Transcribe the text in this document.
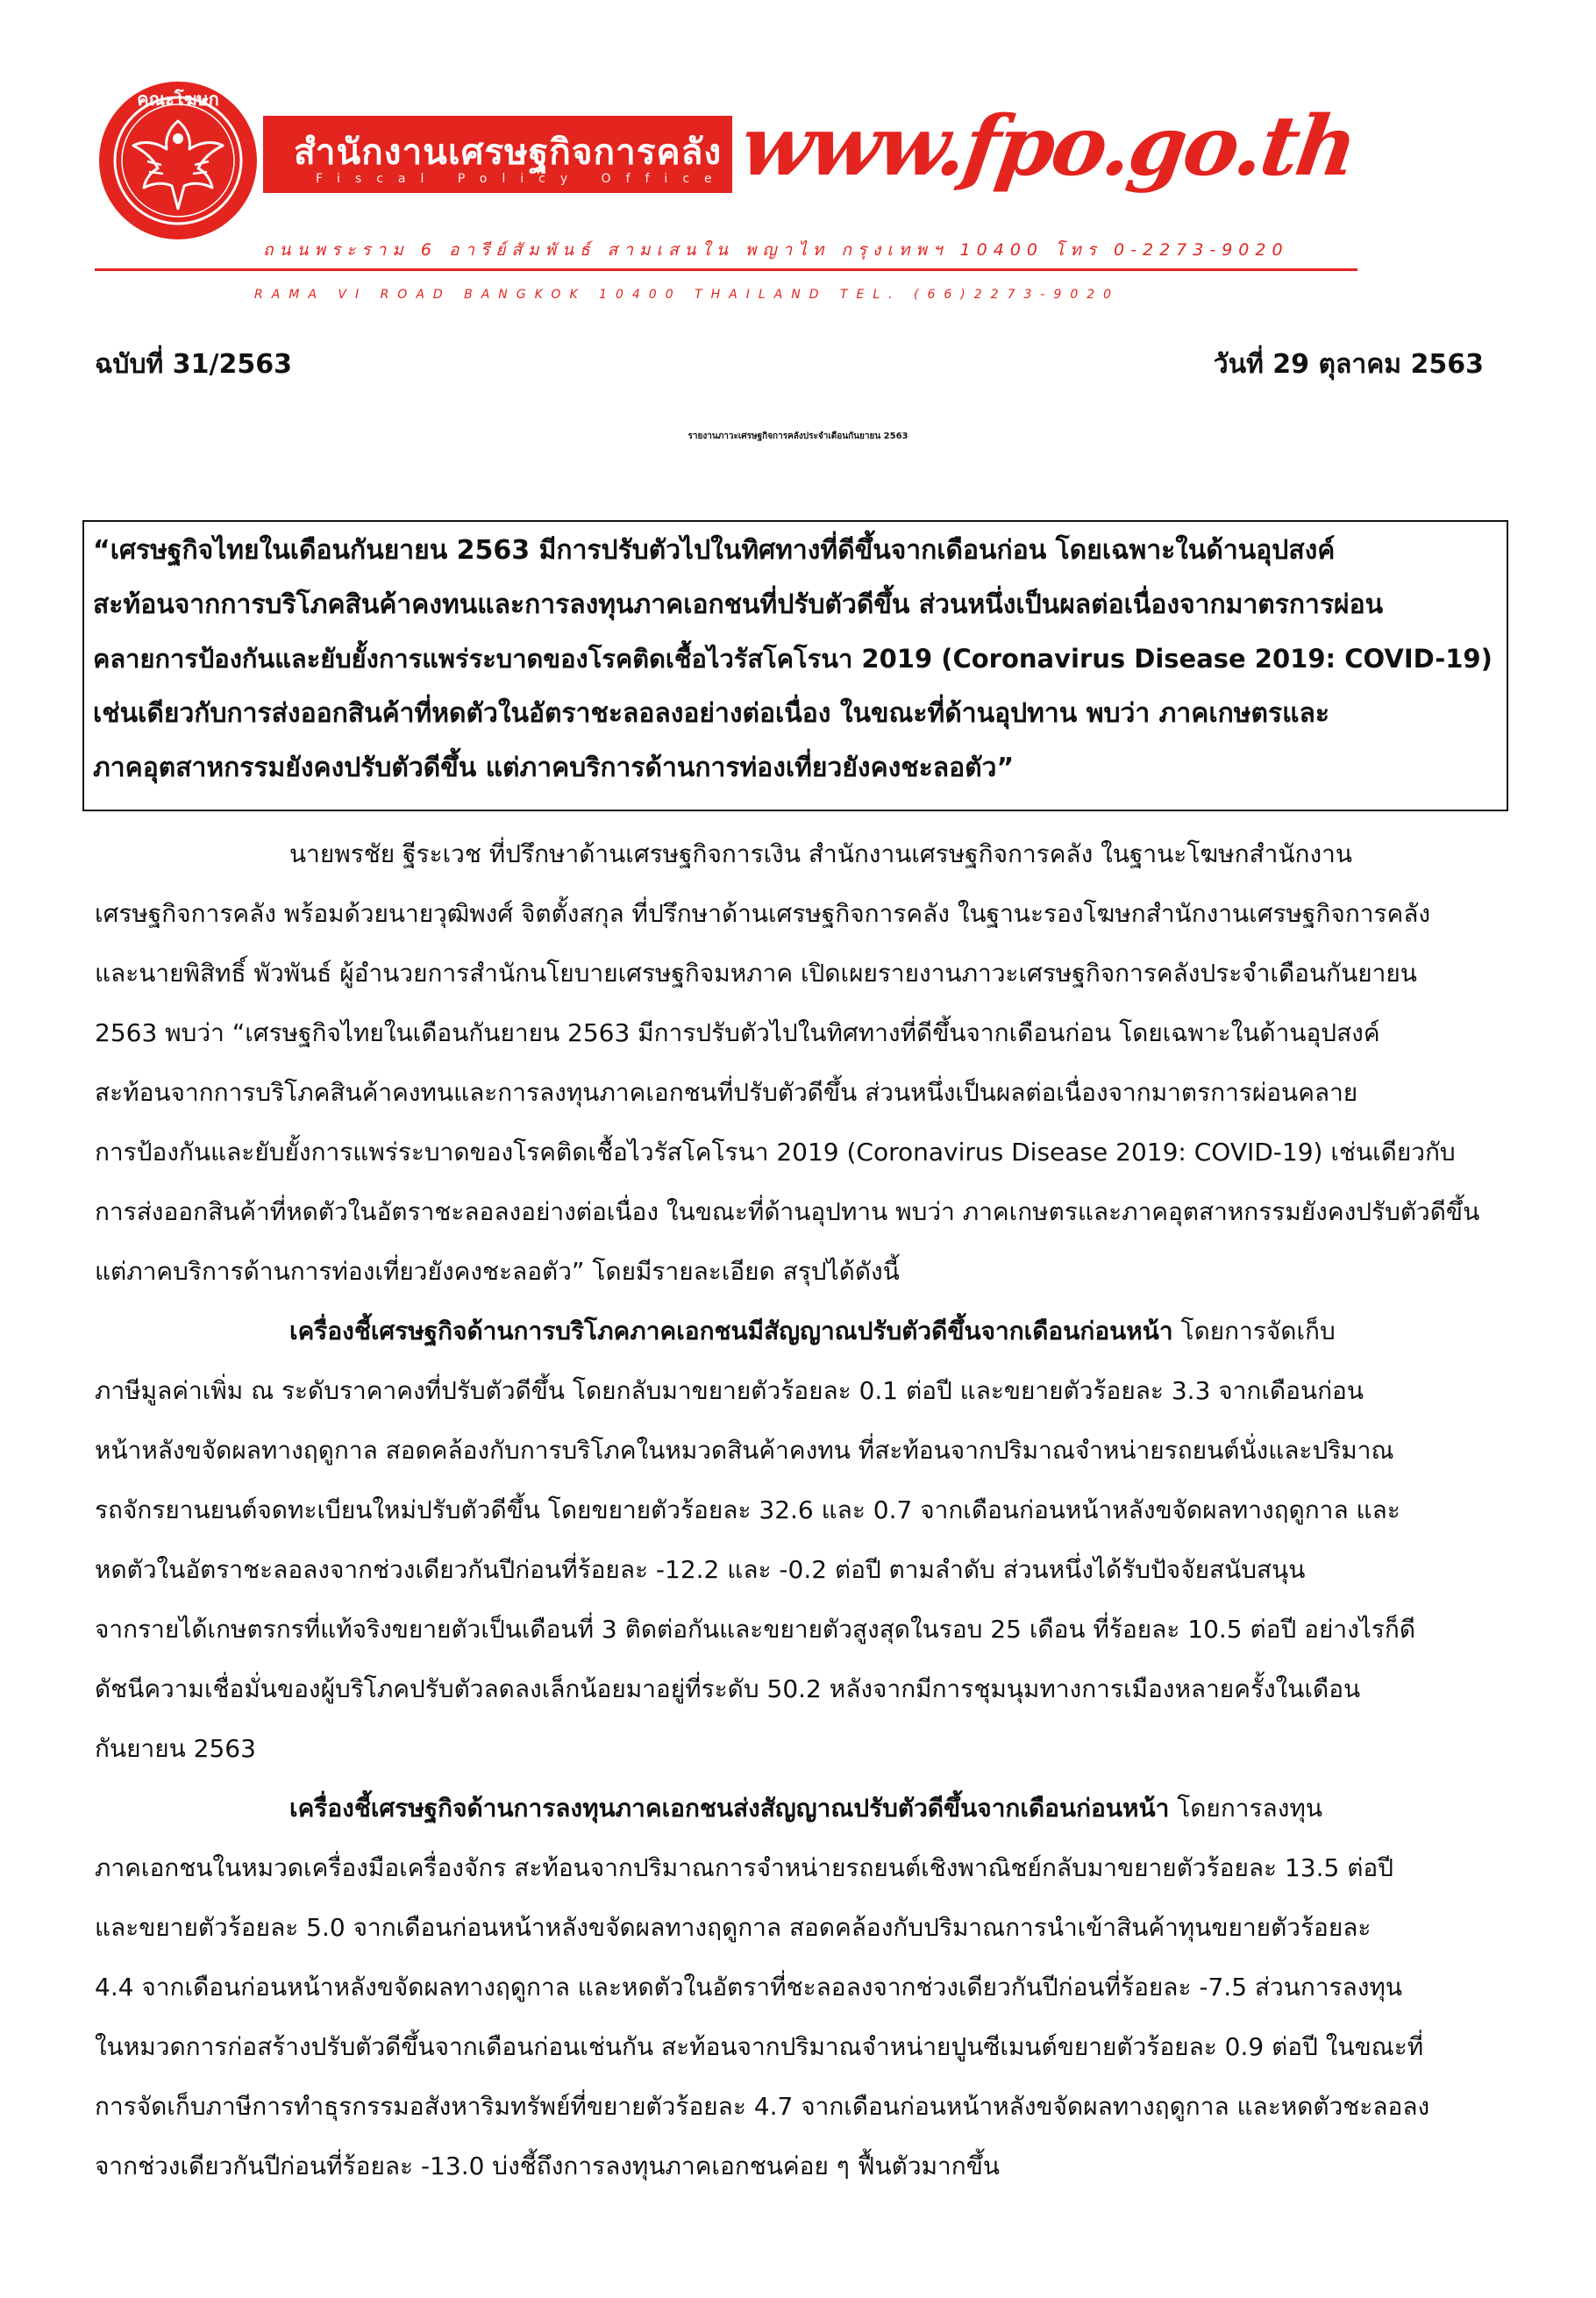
คณะโฆษก
สำนักงานเศรษฐกิจการคลัง
Fiscal Policy Office www.fpo.go.th
ถนนพระราม 6 อารีย์สัมพันธ์ สามเสนใน พญาไท กรุงเทพฯ 10400 โทร 0-2273-9020
RAMA VI ROAD BANGKOK 10400 THAILAND TEL. (66)2273-9020
ฉบับที่ 31/2563	วันที่ 29 ตุลาคม 2563
รายงานภาวะเศรษฐกิจการคลังประจำเดือนกันยายน 2563
“เศรษฐกิจไทยในเดือนกันยายน 2563 มีการปรับตัวไปในทิศทางที่ดีขึ้นจากเดือนก่อน โดยเฉพาะในด้านอุปสงค์
สะท้อนจากการบริโภคสินค้าคงทนและการลงทุนภาคเอกชนที่ปรับตัวดีขึ้น ส่วนหนึ่งเป็นผลต่อเนื่องจากมาตรการผ่อน
คลายการป้องกันและยับยั้งการแพร่ระบาดของโรคติดเชื้อไวรัสโคโรนา 2019 (Coronavirus Disease 2019: COVID-19)
เช่นเดียวกับการส่งออกสินค้าที่หดตัวในอัตราชะลอลงอย่างต่อเนื่อง ในขณะที่ด้านอุปทาน พบว่า ภาคเกษตรและ
ภาคอุตสาหกรรมยังคงปรับตัวดีขึ้น แต่ภาคบริการด้านการท่องเที่ยวยังคงชะลอตัว”
นายพรชัย ฐีระเวช ที่ปรึกษาด้านเศรษฐกิจการเงิน สำนักงานเศรษฐกิจการคลัง ในฐานะโฆษกสำนักงาน
เศรษฐกิจการคลัง พร้อมด้วยนายวุฒิพงศ์ จิตตั้งสกุล ที่ปรึกษาด้านเศรษฐกิจการคลัง ในฐานะรองโฆษกสำนักงานเศรษฐกิจการคลัง
และนายพิสิทธิ์ พัวพันธ์ ผู้อำนวยการสำนักนโยบายเศรษฐกิจมหภาค เปิดเผยรายงานภาวะเศรษฐกิจการคลังประจำเดือนกันยายน
2563 พบว่า “เศรษฐกิจไทยในเดือนกันยายน 2563 มีการปรับตัวไปในทิศทางที่ดีขึ้นจากเดือนก่อน โดยเฉพาะในด้านอุปสงค์
สะท้อนจากการบริโภคสินค้าคงทนและการลงทุนภาคเอกชนที่ปรับตัวดีขึ้น ส่วนหนึ่งเป็นผลต่อเนื่องจากมาตรการผ่อนคลาย
การป้องกันและยับยั้งการแพร่ระบาดของโรคติดเชื้อไวรัสโคโรนา 2019 (Coronavirus Disease 2019: COVID-19) เช่นเดียวกับ
การส่งออกสินค้าที่หดตัวในอัตราชะลอลงอย่างต่อเนื่อง ในขณะที่ด้านอุปทาน พบว่า ภาคเกษตรและภาคอุตสาหกรรมยังคงปรับตัวดีขึ้น
แต่ภาคบริการด้านการท่องเที่ยวยังคงชะลอตัว” โดยมีรายละเอียด สรุปได้ดังนี้
เครื่องชี้เศรษฐกิจด้านการบริโภคภาคเอกชนมีสัญญาณปรับตัวดีขึ้นจากเดือนก่อนหน้า โดยการจัดเก็บ
ภาษีมูลค่าเพิ่ม ณ ระดับราคาคงที่ปรับตัวดีขึ้น โดยกลับมาขยายตัวร้อยละ 0.1 ต่อปี และขยายตัวร้อยละ 3.3 จากเดือนก่อน
หน้าหลังขจัดผลทางฤดูกาล สอดคล้องกับการบริโภคในหมวดสินค้าคงทน ที่สะท้อนจากปริมาณจำหน่ายรถยนต์นั่งและปริมาณ
รถจักรยานยนต์จดทะเบียนใหม่ปรับตัวดีขึ้น โดยขยายตัวร้อยละ 32.6 และ 0.7 จากเดือนก่อนหน้าหลังขจัดผลทางฤดูกาล และ
หดตัวในอัตราชะลอลงจากช่วงเดียวกันปีก่อนที่ร้อยละ -12.2 และ -0.2 ต่อปี ตามลำดับ ส่วนหนึ่งได้รับปัจจัยสนับสนุน
จากรายได้เกษตรกรที่แท้จริงขยายตัวเป็นเดือนที่ 3 ติดต่อกันและขยายตัวสูงสุดในรอบ 25 เดือน ที่ร้อยละ 10.5 ต่อปี อย่างไรก็ดี
ดัชนีความเชื่อมั่นของผู้บริโภคปรับตัวลดลงเล็กน้อยมาอยู่ที่ระดับ 50.2 หลังจากมีการชุมนุมทางการเมืองหลายครั้งในเดือน
กันยายน 2563
เครื่องชี้เศรษฐกิจด้านการลงทุนภาคเอกชนส่งสัญญาณปรับตัวดีขึ้นจากเดือนก่อนหน้า โดยการลงทุน
ภาคเอกชนในหมวดเครื่องมือเครื่องจักร สะท้อนจากปริมาณการจำหน่ายรถยนต์เชิงพาณิชย์กลับมาขยายตัวร้อยละ 13.5 ต่อปี
และขยายตัวร้อยละ 5.0 จากเดือนก่อนหน้าหลังขจัดผลทางฤดูกาล สอดคล้องกับปริมาณการนำเข้าสินค้าทุนขยายตัวร้อยละ
4.4 จากเดือนก่อนหน้าหลังขจัดผลทางฤดูกาล และหดตัวในอัตราที่ชะลอลงจากช่วงเดียวกันปีก่อนที่ร้อยละ -7.5 ส่วนการลงทุน
ในหมวดการก่อสร้างปรับตัวดีขึ้นจากเดือนก่อนเช่นกัน สะท้อนจากปริมาณจำหน่ายปูนซีเมนต์ขยายตัวร้อยละ 0.9 ต่อปี ในขณะที่
การจัดเก็บภาษีการทำธุรกรรมอสังหาริมทรัพย์ที่ขยายตัวร้อยละ 4.7 จากเดือนก่อนหน้าหลังขจัดผลทางฤดูกาล และหดตัวชะลอลง
จากช่วงเดียวกันปีก่อนที่ร้อยละ -13.0 บ่งชี้ถึงการลงทุนภาคเอกชนค่อย ๆ ฟื้นตัวมากขึ้น
